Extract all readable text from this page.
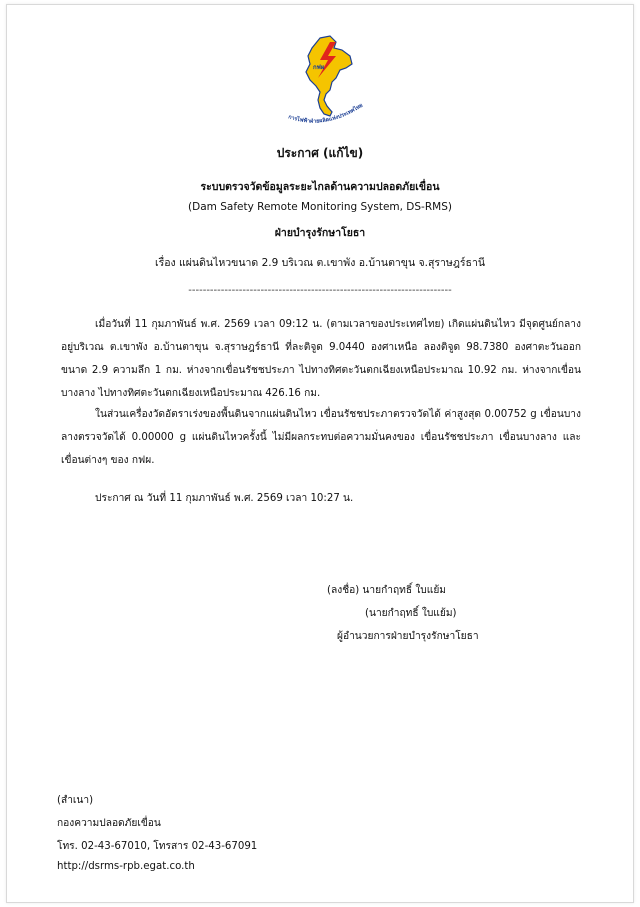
กฟผ
การไฟฟ้าฝ่ายผลิตแห่งประเทศไทย
ประกาศ (แก้ไข)
ระบบตรวจวัดข้อมูลระยะไกลด้านความปลอดภัยเขื่อน
(Dam Safety Remote Monitoring System, DS-RMS)
ฝ่ายบำรุงรักษาโยธา
เรื่อง แผ่นดินไหวขนาด 2.9 บริเวณ ต.เขาพัง อ.บ้านตาขุน จ.สุราษฎร์ธานี
-------------------------------------------------------------------------
เมื่อวันที่ 11 กุมภาพันธ์ พ.ศ. 2569 เวลา 09:12 น. (ตามเวลาของประเทศไทย) เกิดแผ่นดินไหว มีจุดศูนย์กลางอยู่บริเวณ ต.เขาพัง อ.บ้านตาขุน จ.สุราษฎร์ธานี ที่ละติจูด 9.0440 องศาเหนือ ลองติจูด 98.7380 องศาตะวันออก ขนาด 2.9 ความลึก 1 กม. ห่างจากเขื่อนรัชชประภา ไปทางทิศตะวันตกเฉียงเหนือประมาณ 10.92 กม. ห่างจากเขื่อนบางลาง ไปทางทิศตะวันตกเฉียงเหนือประมาณ 426.16 กม.
ในส่วนเครื่องวัดอัตราเร่งของพื้นดินจากแผ่นดินไหว เขื่อนรัชชประภาตรวจวัดได้ ค่าสูงสุด 0.00752 g เขื่อนบางลางตรวจวัดได้ 0.00000 g แผ่นดินไหวครั้งนี้ ไม่มีผลกระทบต่อความมั่นคงของ เขื่อนรัชชประภา เขื่อนบางลาง และเขื่อนต่างๆ ของ กฟผ.
ประกาศ ณ วันที่ 11 กุมภาพันธ์ พ.ศ. 2569 เวลา 10:27 น.
(ลงชื่อ) นายกำฤทธิ์ ใบแย้ม
(นายกำฤทธิ์ ใบแย้ม)
ผู้อำนวยการฝ่ายบำรุงรักษาโยธา
(สำเนา)
กองความปลอดภัยเขื่อน
โทร. 02-43-67010, โทรสาร 02-43-67091
http://dsrms-rpb.egat.co.th
